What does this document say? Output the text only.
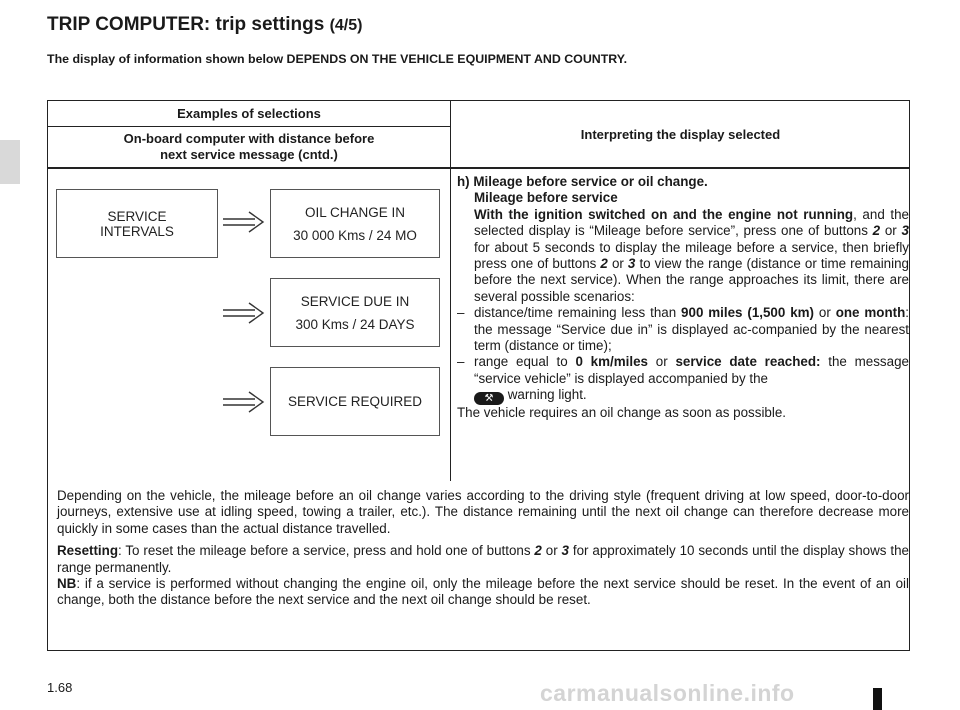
TRIP COMPUTER: trip settings (4/5)
The display of information shown below DEPENDS ON THE VEHICLE EQUIPMENT AND COUNTRY.
Examples of selections
On-board computer with distance before
next service message (cntd.)
Interpreting the display selected
SERVICE
INTERVALS
OIL CHANGE IN
30 000 Kms / 24 MO
SERVICE DUE IN
300 Kms / 24 DAYS
SERVICE REQUIRED

h) Mileage before service or oil change.

Mileage before service

With the ignition switched on and the engine not running, and the selected display is “Mileage before service”, press one of buttons 2 or 3 for about 5 seconds to display the mileage before a service, then briefly press one of buttons 2 or 3 to view the range (distance or time remaining before the next service). When the range approaches its limit, there are several possible scenarios:

– distance/time remaining less than 900 miles (1,500 km) or one month: the message “Service due in” is displayed ac-companied by the nearest term (distance or time);
– range equal to 0 km/miles or service date reached: the message “service vehicle” is displayed accompanied by the
⚒ warning light.

The vehicle requires an oil change as soon as possible.

Depending on the vehicle, the mileage before an oil change varies according to the driving style (frequent driving at low speed, door-to-door journeys, extensive use at idling speed, towing a trailer, etc.). The distance remaining until the next oil change can therefore decrease more quickly in some cases than the actual distance travelled.

Resetting: To reset the mileage before a service, press and hold one of buttons 2 or 3 for approximately 10 seconds until the display shows the range permanently.

NB: if a service is performed without changing the engine oil, only the mileage before the next service should be reset. In the event of an oil change, both the distance before the next service and the next oil change should be reset.

1.68	carmanualsonline.info
